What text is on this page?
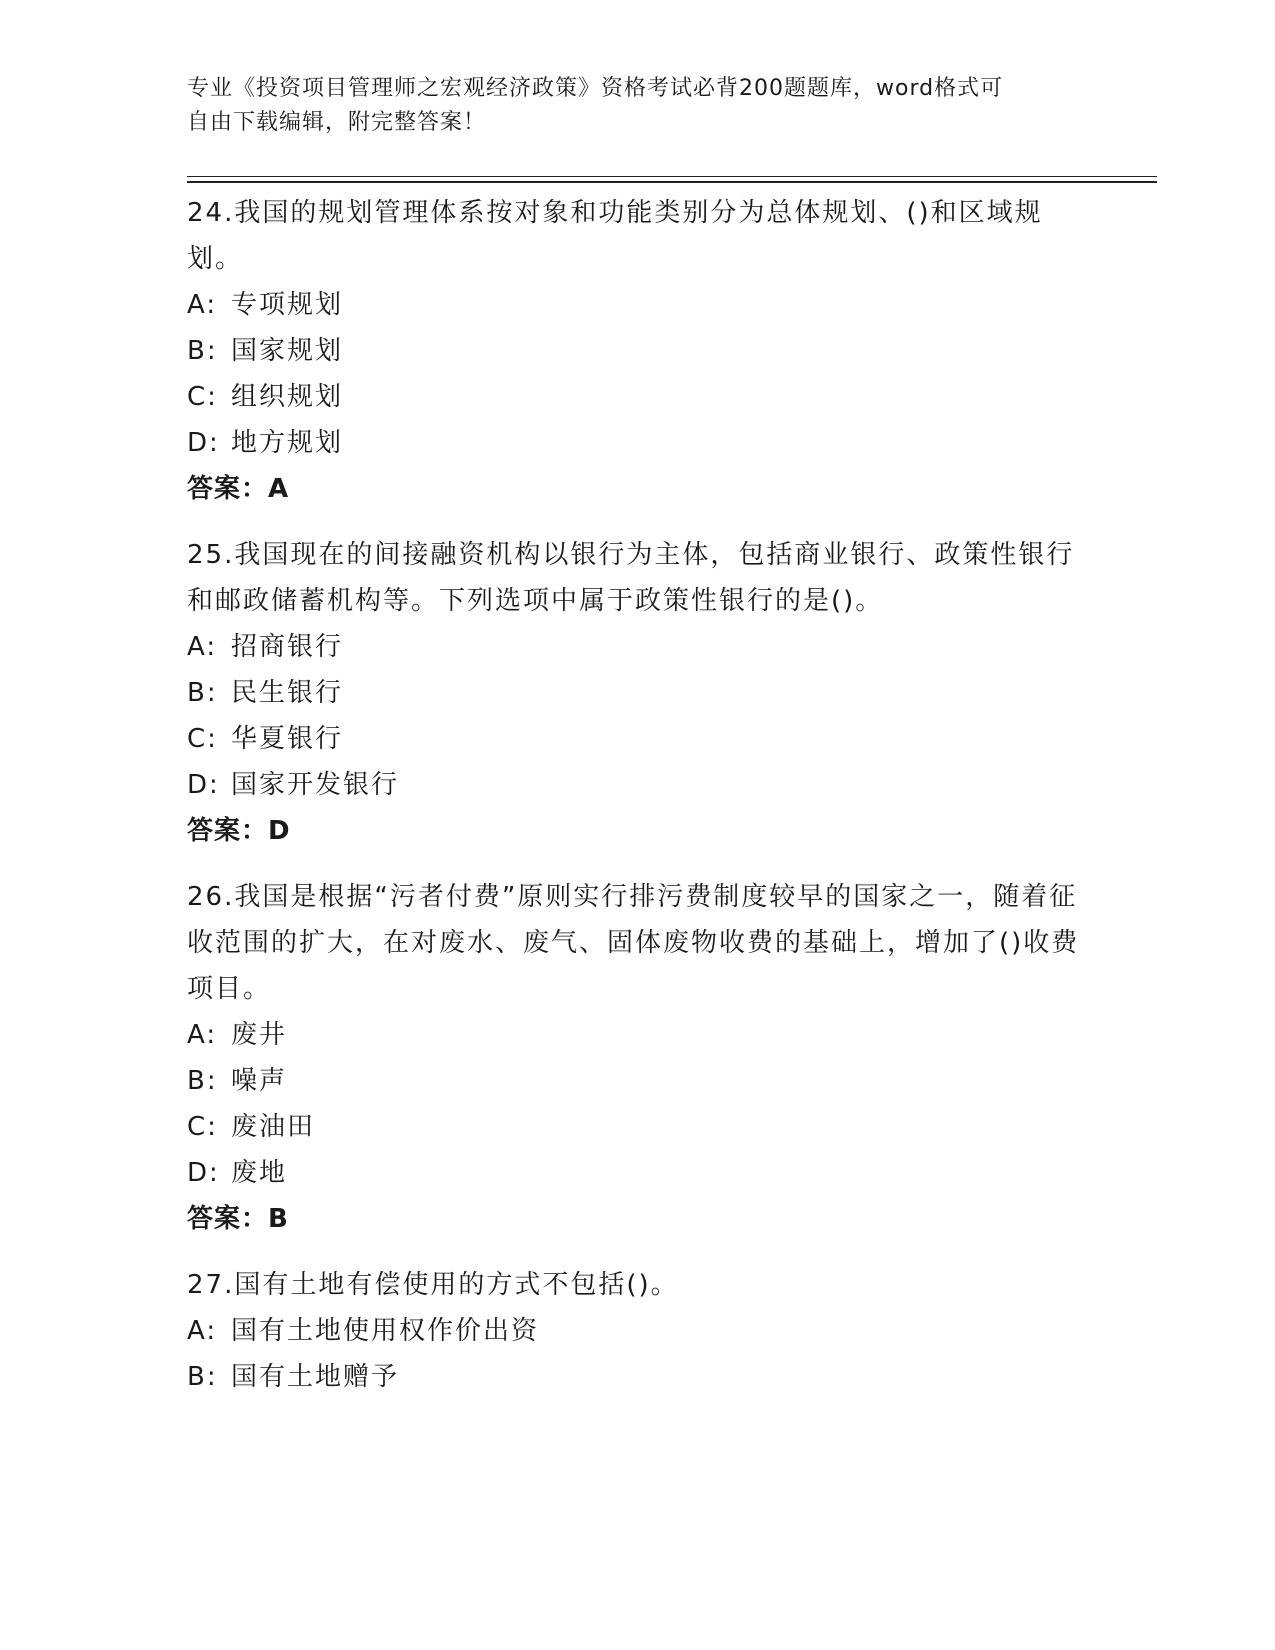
专业《投资项目管理师之宏观经济政策》资格考试必背200题题库，word格式可
自由下载编辑，附完整答案！

24.我国的规划管理体系按对象和功能类别分为总体规划、()和区域规划。

A: 专项规划

B: 国家规划

C: 组织规划

D: 地方规划

答案：A

25.我国现在的间接融资机构以银行为主体，包括商业银行、政策性银行和邮政储蓄机构等。下列选项中属于政策性银行的是()。

A: 招商银行

B: 民生银行

C: 华夏银行

D: 国家开发银行

答案：D

26.我国是根据“污者付费”原则实行排污费制度较早的国家之一，随着征收范围的扩大，在对废水、废气、固体废物收费的基础上，增加了()收费项目。

A: 废井

B: 噪声

C: 废油田

D: 废地

答案：B

27.国有土地有偿使用的方式不包括()。

A: 国有土地使用权作价出资

B: 国有土地赠予
